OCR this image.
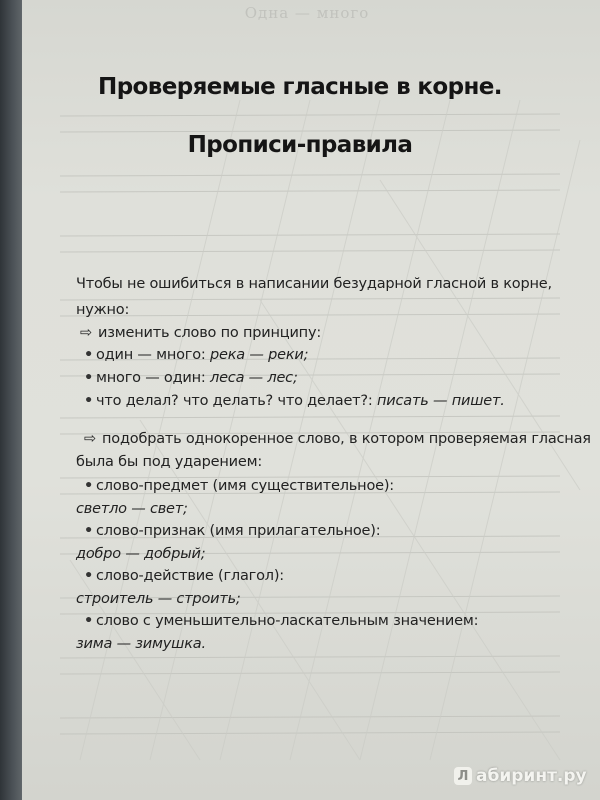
Одна — много
Проверяемые гласные в корне.
Прописи-правила
Чтобы не ошибиться в написании безударной гласной в корне,
нужно:
⇨ изменить слово по принципу:
• один — много: река — реки;
• много — один: леса — лес;
• что делал? что делать? что делает?: писать — пишет.
⇨ подобрать однокоренное слово, в котором проверяемая гласная
была бы под ударением:
• слово-предмет (имя существительное):
светло — свет;
• слово-признак (имя прилагательное):
добро — добрый;
• слово-действие (глагол):
строитель — строить;
• слово с уменьшительно-ласкательным значением:
зима — зимушка.
Л абиринт.ру
